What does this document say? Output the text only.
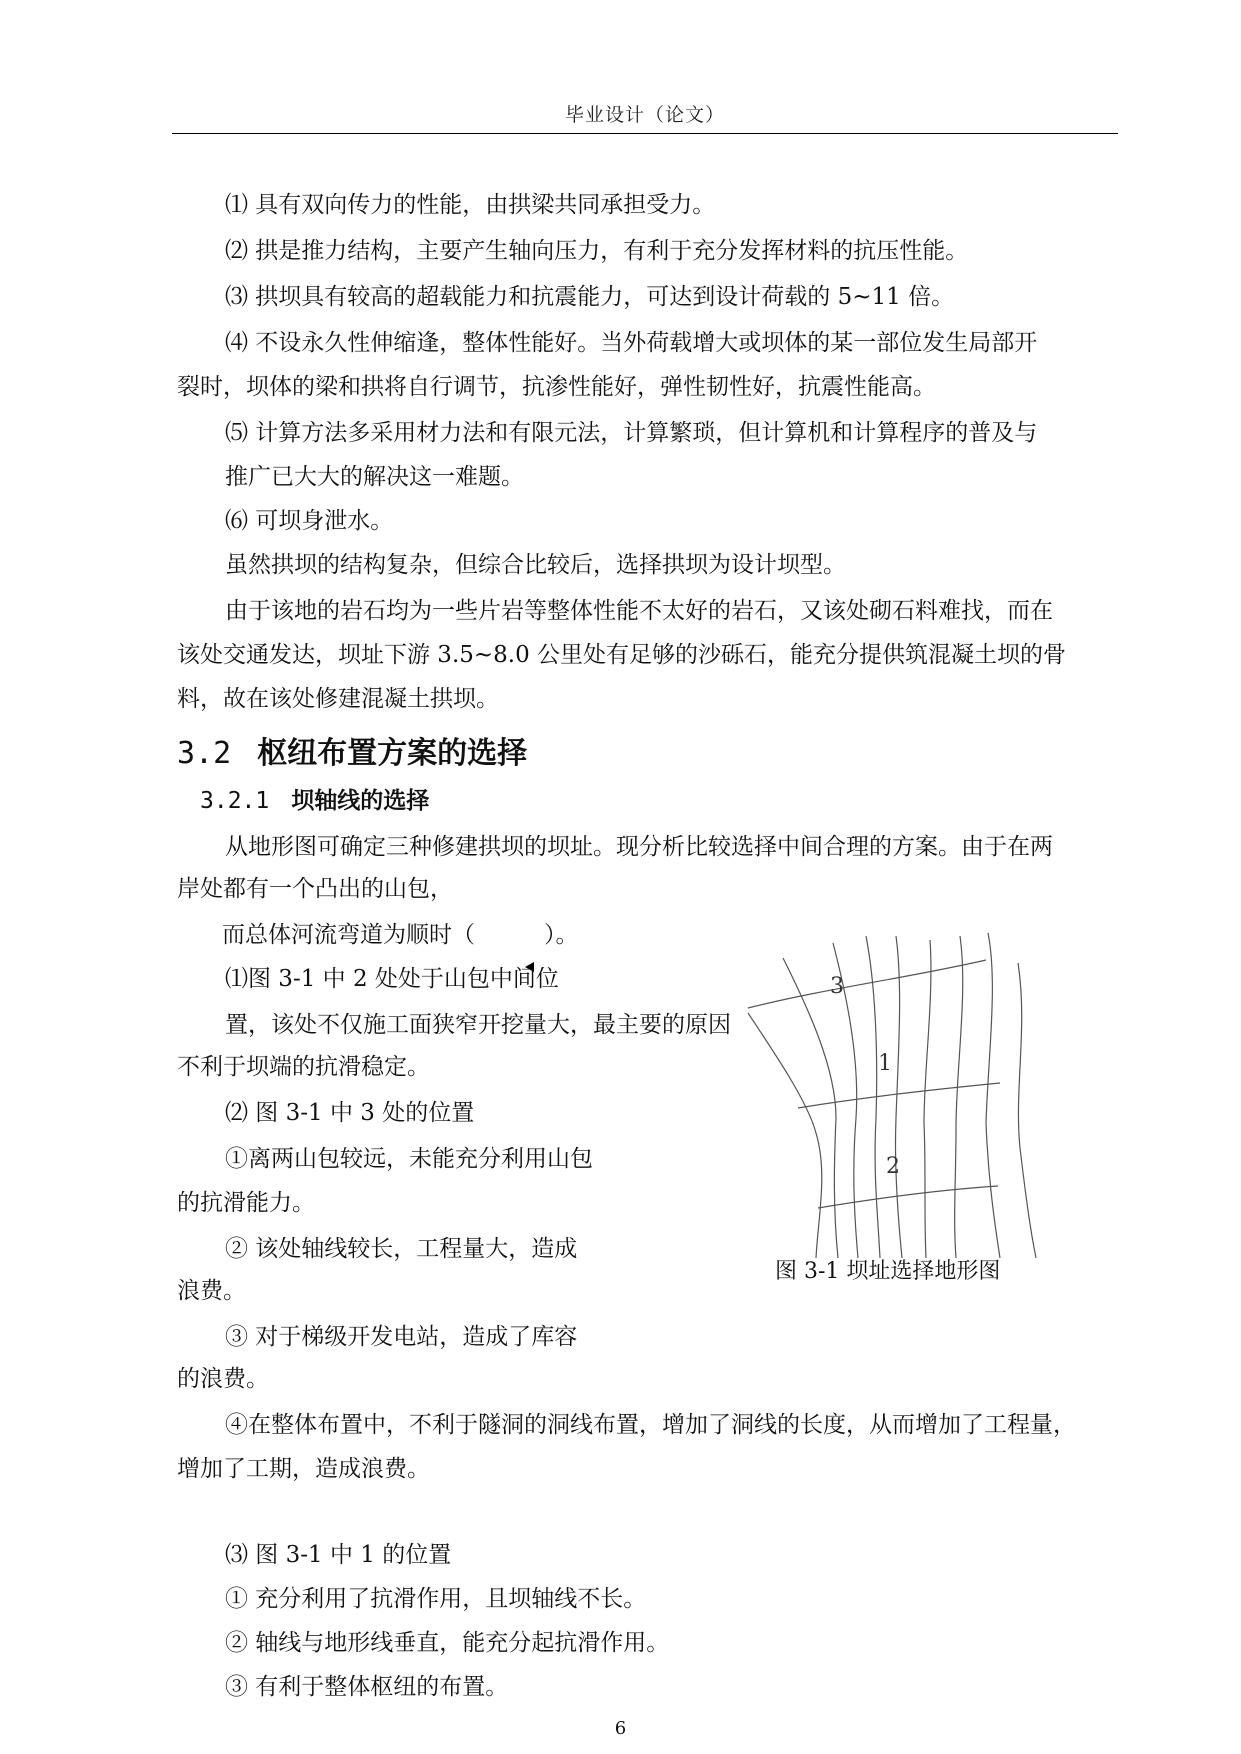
毕业设计（论文）
⑴ 具有双向传力的性能，由拱梁共同承担受力。
⑵ 拱是推力结构，主要产生轴向压力，有利于充分发挥材料的抗压性能。
⑶ 拱坝具有较高的超载能力和抗震能力，可达到设计荷载的 5~11 倍。
⑷ 不设永久性伸缩逢，整体性能好。当外荷载增大或坝体的某一部位发生局部开
裂时，坝体的梁和拱将自行调节，抗渗性能好，弹性韧性好，抗震性能高。
⑸ 计算方法多采用材力法和有限元法，计算繁琐，但计算机和计算程序的普及与
推广已大大的解决这一难题。
⑹ 可坝身泄水。
虽然拱坝的结构复杂，但综合比较后，选择拱坝为设计坝型。
由于该地的岩石均为一些片岩等整体性能不太好的岩石，又该处砌石料难找，而在
该处交通发达，坝址下游 3.5~8.0 公里处有足够的沙砾石，能充分提供筑混凝土坝的骨
料，故在该处修建混凝土拱坝。
3.2 枢纽布置方案的选择
3.2.1 坝轴线的选择
从地形图可确定三种修建拱坝的坝址。现分析比较选择中间合理的方案。由于在两
岸处都有一个凸出的山包，
而总体河流弯道为顺时（　　　）。
⑴图 3-1 中 2 处处于山包中间位
置，该处不仅施工面狭窄开挖量大，最主要的原因
不利于坝端的抗滑稳定。
⑵ 图 3-1 中 3 处的位置
①离两山包较远，未能充分利用山包
的抗滑能力。
② 该处轴线较长，工程量大，造成
浪费。
③ 对于梯级开发电站，造成了库容
的浪费。
④在整体布置中，不利于隧洞的洞线布置，增加了洞线的长度，从而增加了工程量，
增加了工期，造成浪费。
3
1
2
图 3-1 坝址选择地形图
⑶ 图 3-1 中 1 的位置
6
① 充分利用了抗滑作用，且坝轴线不长。
② 轴线与地形线垂直，能充分起抗滑作用。
③ 有利于整体枢纽的布置。
